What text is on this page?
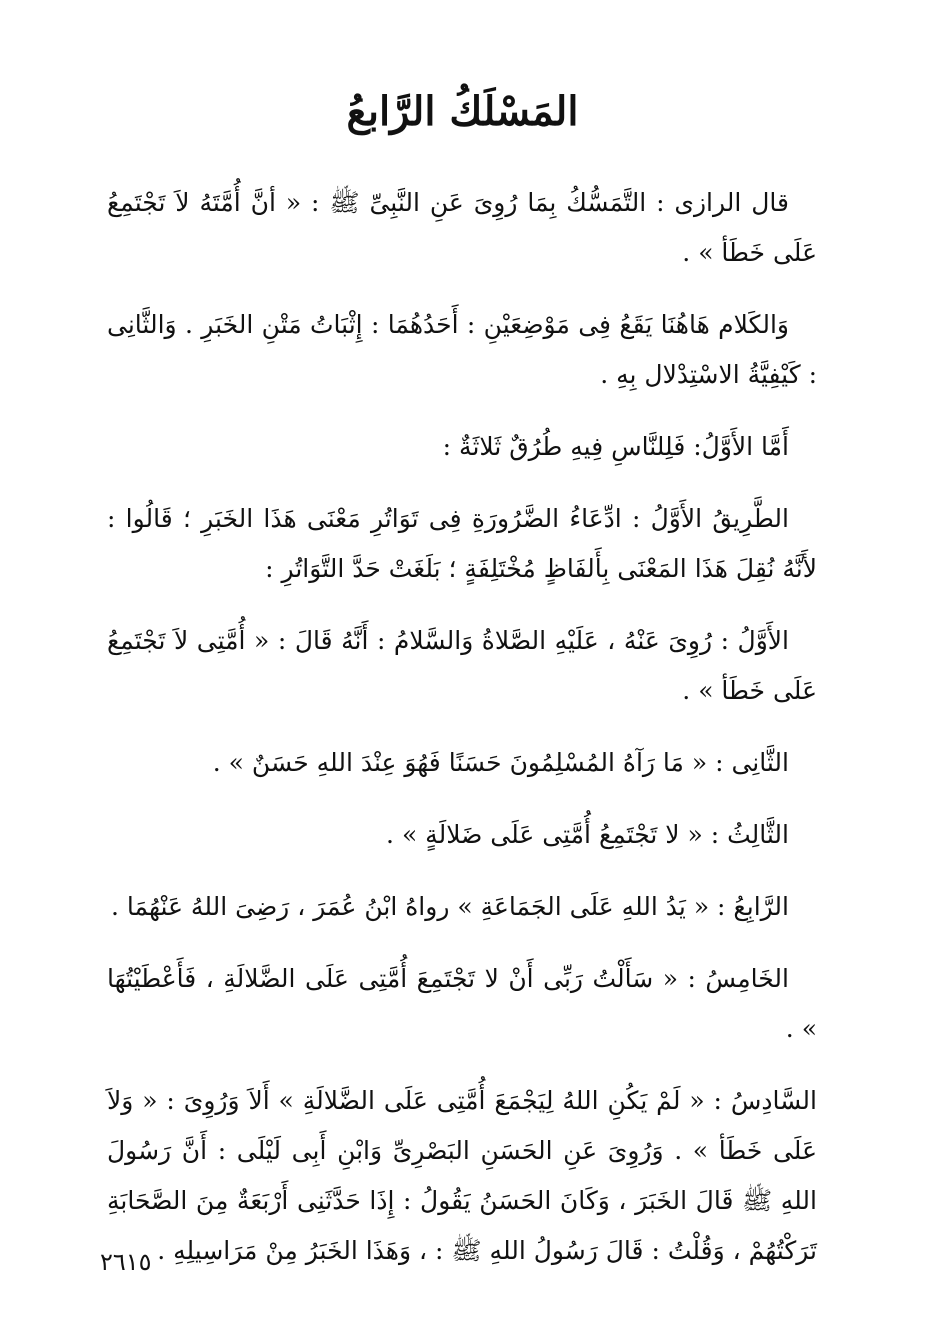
المَسْلَكُ الرَّابعُ

قال الرازى : التَّمَسُّكُ بِمَا رُوِىَ عَنِ النَّبِىِّ ﷺ : « أنَّ أُمَّتَهُ لاَ تَجْتَمِعُ عَلَى خَطَأ » .

وَالكَلام هَاهُنَا يَقَعُ فِى مَوْضِعَيْنِ : أَحَدُهُمَا : إِثْبَاتُ مَتْنِ الخَبَرِ . وَالثَّانِى : كَيْفِيَّةُ الاسْتِدْلال بِهِ .

أَمَّا الأَوَّلُ: فَلِلنَّاسِ فِيهِ طُرُقٌ ثَلاثَةٌ :

الطَّرِيقُ الأَوَّلُ : ادِّعَاءُ الضَّرُورَةِ فِى تَوَاتُرِ مَعْنَى هَذَا الخَبَرِ ؛ قَالُوا : لأَنَّهُ نُقِلَ هَذَا المَعْنَى بِأَلفَاظٍ مُخْتَلِفَةٍ ؛ بَلَغَتْ حَدَّ التَّوَاتُرِ :

الأَوَّلُ : رُوِىَ عَنْهُ ، عَلَيْهِ الصَّلاةُ وَالسَّلامُ : أَنَّهُ قَالَ : « أُمَّتِى لاَ تَجْتَمِعُ عَلَى خَطَأ » .

الثَّانِى : « مَا رَآهُ المُسْلِمُونَ حَسَنًا فَهُوَ عِنْدَ اللهِ حَسَنٌ » .

الثَّالِثُ : « لا تَجْتَمِعُ أُمَّتِى عَلَى ضَلالَةٍ » .

الرَّابِعُ : « يَدُ اللهِ عَلَى الجَمَاعَةِ » رواهُ ابْنُ عُمَرَ ، رَضِىَ اللهُ عَنْهُمَا .

الخَامِسُ : « سَأَلْتُ رَبِّى أَنْ لا تَجْتَمِعَ أُمَّتِى عَلَى الضَّلالَةِ ، فَأَعْطَيْتُهَا » .

السَّادِسُ : « لَمْ يَكُنِ اللهُ لِيَجْمَعَ أُمَّتِى عَلَى الضَّلالَةِ » أَلاَ وَرُوِىَ : « وَلاَ عَلَى خَطَأ » . وَرُوِىَ عَنِ الحَسَنِ البَصْرِىِّ وَابْنِ أَبِى لَيْلَى : أَنَّ رَسُولَ اللهِ ﷺ قَالَ الخَبَرَ ، وَكَانَ الحَسَنُ يَقُولُ : إِذَا حَدَّثَنِى أَرْبَعَةٌ مِنَ الصَّحَابَةِ تَرَكْتُهُمْ ، وَقُلْتُ : قَالَ رَسُولُ اللهِ ﷺ : ، وَهَذَا الخَبَرُ مِنْ مَرَاسِيلِهِ .

٢٦١٥
